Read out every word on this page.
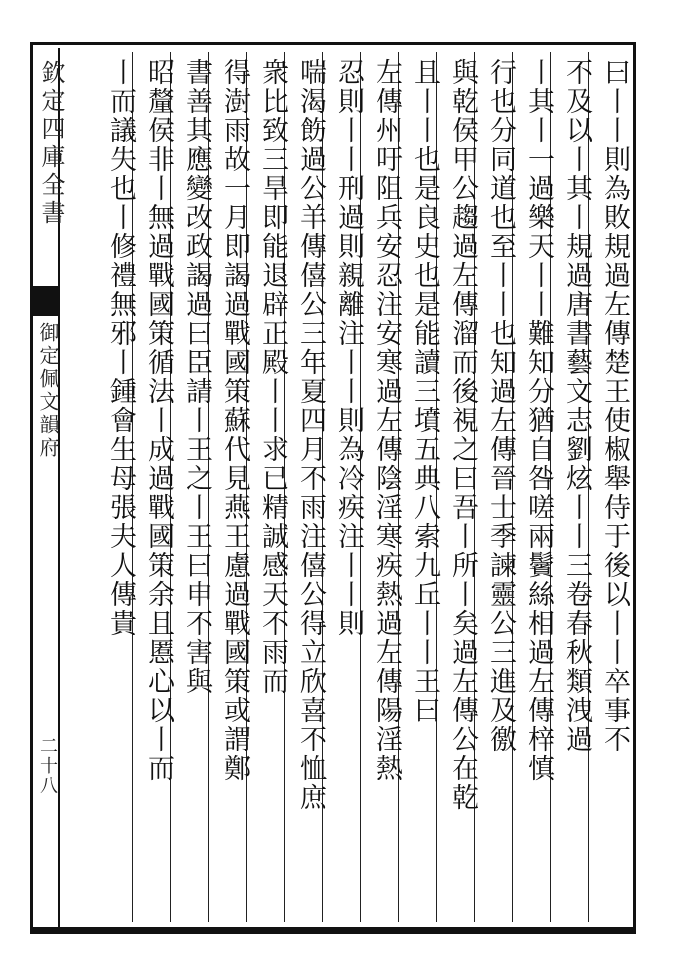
欽定四庫全書
御定佩文韻府
二十八
曰丨丨則為敗規過左傳楚王使椒舉侍于後以丨丨卒事不
不及以丨其丨規過唐書藝文志劉炫丨丨三卷春秋類洩過
丨其丨一過樂天丨丨難知分猶自咎嗟兩鬢絲相過左傳梓慎
行也分同道也至丨丨也知過左傳晉士季諫靈公三進及徼
與乾侯甲公趨過左傳溜而後視之曰吾丨所丨矣過左傳公在乾
且丨丨也是良史也是能讀三墳五典八索九丘丨丨王曰
左傳州吁阻兵安忍注安寒過左傳陰淫寒疾熱過左傳陽淫熱
忍則丨丨刑過則親離注丨丨則為冷疾注丨丨則
喘渴飭過公羊傳僖公三年夏四月不雨注僖公得立欣喜不恤庶
衆比致三旱即能退辟正殿丨丨求已精誠感天不雨而
得澍雨故一月即謁過戰國策蘇代見燕王慮過戰國策或謂鄭
書善其應變改政謁過曰臣請丨王之丨王曰申不害與
昭釐侯非丨無過戰國策循法丨成過戰國策余且慝心以丨而
丨而議失也丨修禮無邪丨鍾會生母張夫人傳貴
